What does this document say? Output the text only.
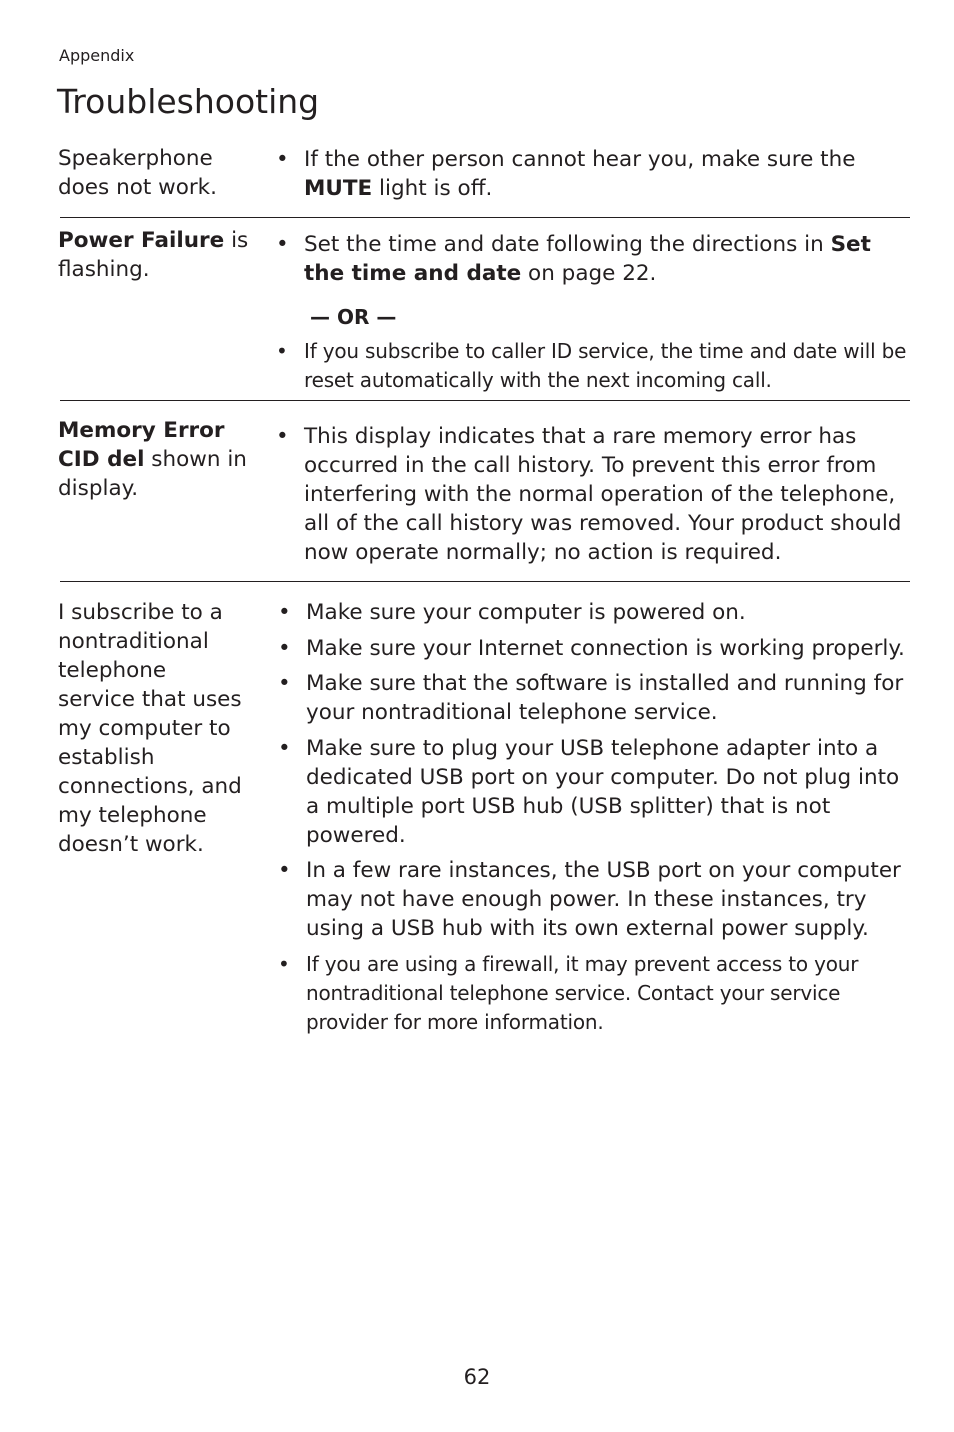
Appendix
Troubleshooting
Speakerphone does not work.
• If the other person cannot hear you, make sure the MUTE light is off.
Power Failure is flashing.
• Set the time and date following the directions in Set the time and date on page 22.
— OR —
• If you subscribe to caller ID service, the time and date will be reset automatically with the next incoming call.
Memory Error
CID del shown in display.
• This display indicates that a rare memory error has occurred in the call history. To prevent this error from interfering with the normal operation of the telephone, all of the call history was removed. Your product should now operate normally; no action is required.
I subscribe to a nontraditional telephone service that uses my computer to establish connections, and my telephone doesn’t work.
• Make sure your computer is powered on.
• Make sure your Internet connection is working properly.
• Make sure that the software is installed and running for your nontraditional telephone service.
• Make sure to plug your USB telephone adapter into a dedicated USB port on your computer. Do not plug into a multiple port USB hub (USB splitter) that is not powered.
• In a few rare instances, the USB port on your computer may not have enough power. In these instances, try using a USB hub with its own external power supply.
• If you are using a firewall, it may prevent access to your nontraditional telephone service. Contact your service provider for more information.
62
